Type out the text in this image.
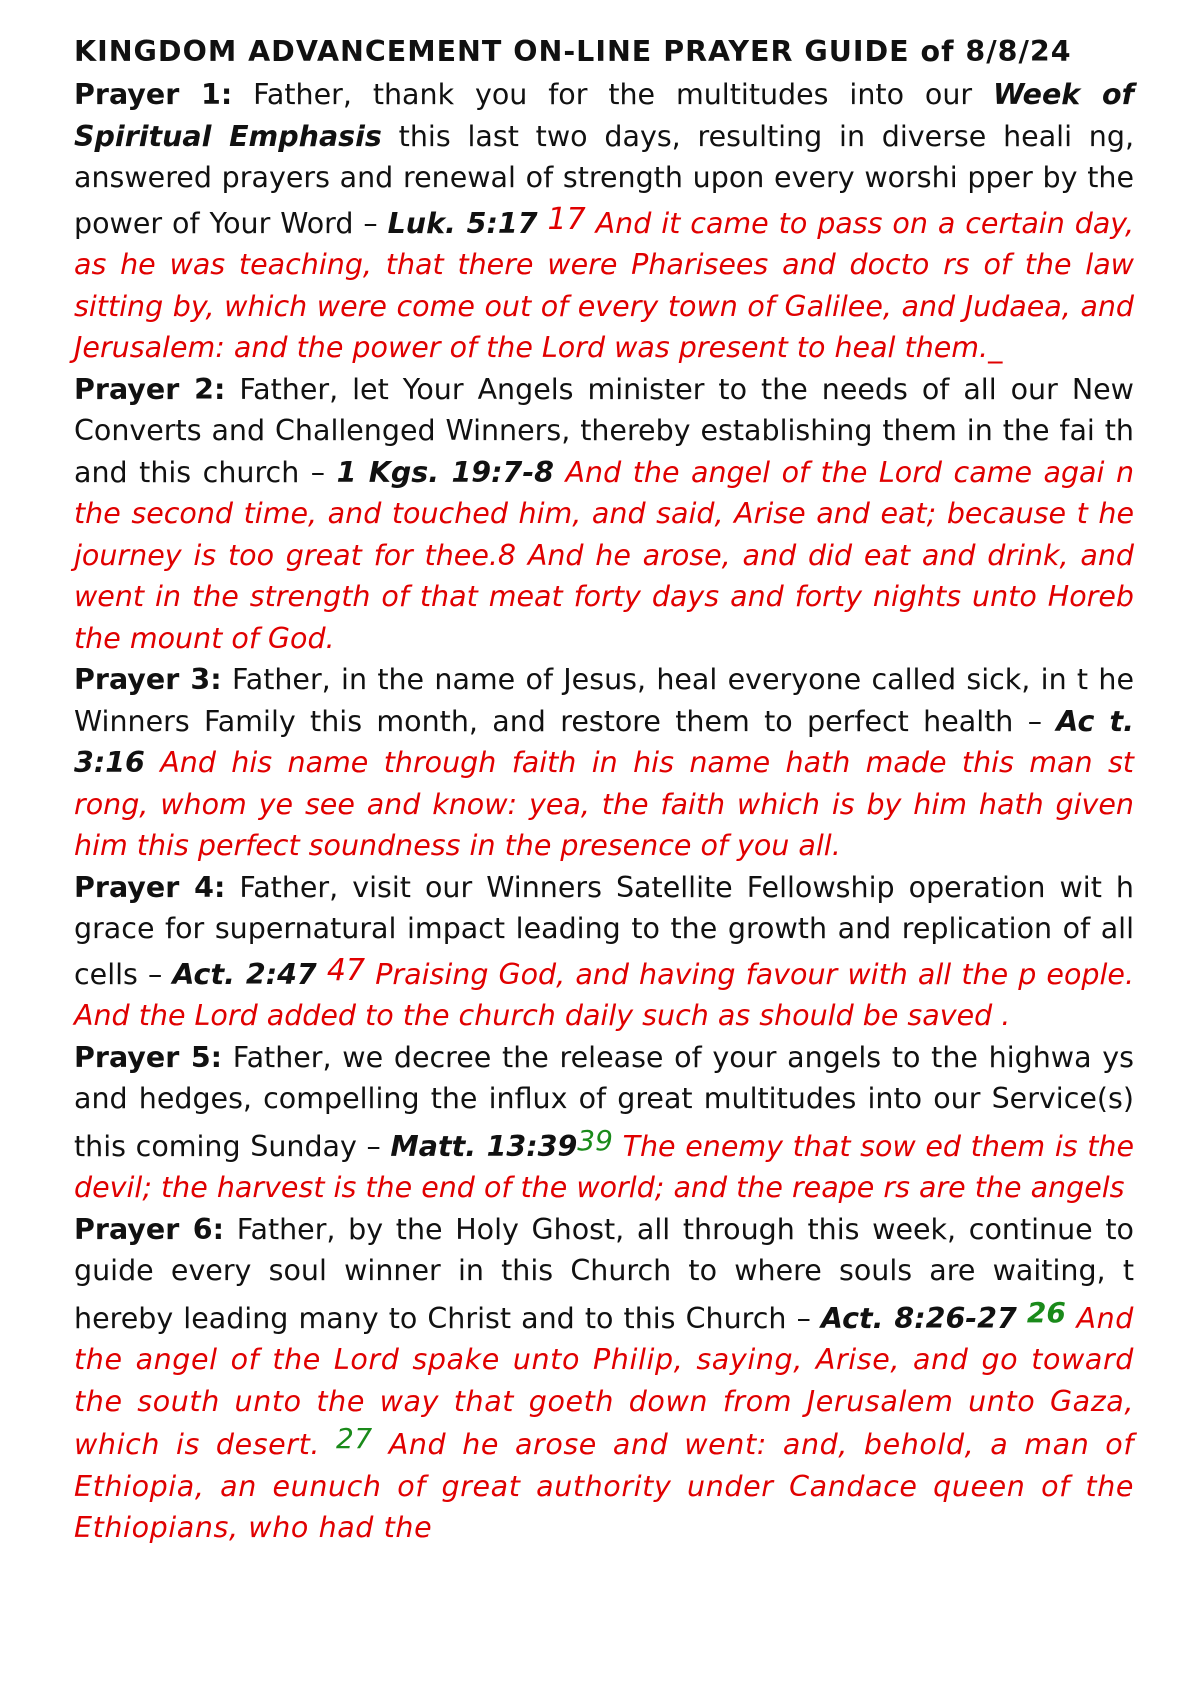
KINGDOM ADVANCEMENT ON-LINE PRAYER GUIDE of 8/8/24

Prayer 1: Father, thank you for the multitudes into our Week of Spiritual Emphasis this last two days, resulting in diverse heali ng, answered prayers and renewal of strength upon every worshi pper by the power of Your Word – Luk. 5:17 17 And it came to pass on a certain day, as he was teaching, that there were Pharisees and docto rs of the law sitting by, which were come out of every town of Galilee, and Judaea, and Jerusalem: and the power of the Lord was present to heal them._

Prayer 2: Father, let Your Angels minister to the needs of all our New Converts and Challenged Winners, thereby establishing them in the fai th and this church – 1 Kgs. 19:7-8 And the angel of the Lord came agai n the second time, and touched him, and said, Arise and eat; because t he journey is too great for thee.8 And he arose, and did eat and drink, and went in the strength of that meat forty days and forty nights unto Horeb the mount of God.

Prayer 3: Father, in the name of Jesus, heal everyone called sick, in t he Winners Family this month, and restore them to perfect health – Ac t. 3:16 And his name through faith in his name hath made this man st rong, whom ye see and know: yea, the faith which is by him hath given him this perfect soundness in the presence of you all.

Prayer 4: Father, visit our Winners Satellite Fellowship operation wit h grace for supernatural impact leading to the growth and replication of all cells – Act. 2:47 47 Praising God, and having favour with all the p eople. And the Lord added to the church daily such as should be saved .

Prayer 5: Father, we decree the release of your angels to the highwa ys and hedges, compelling the influx of great multitudes into our Service(s) this coming Sunday – Matt. 13:3939 The enemy that sow ed them is the devil; the harvest is the end of the world; and the reape rs are the angels

Prayer 6: Father, by the Holy Ghost, all through this week, continue to guide every soul winner in this Church to where souls are waiting, t hereby leading many to Christ and to this Church – Act. 8:26-27 26 And the angel of the Lord spake unto Philip, saying, Arise, and go toward the south unto the way that goeth down from Jerusalem unto Gaza, which is desert. 27 And he arose and went: and, behold, a man of Ethiopia, an eunuch of great authority under Candace queen of the Ethiopians, who had the
